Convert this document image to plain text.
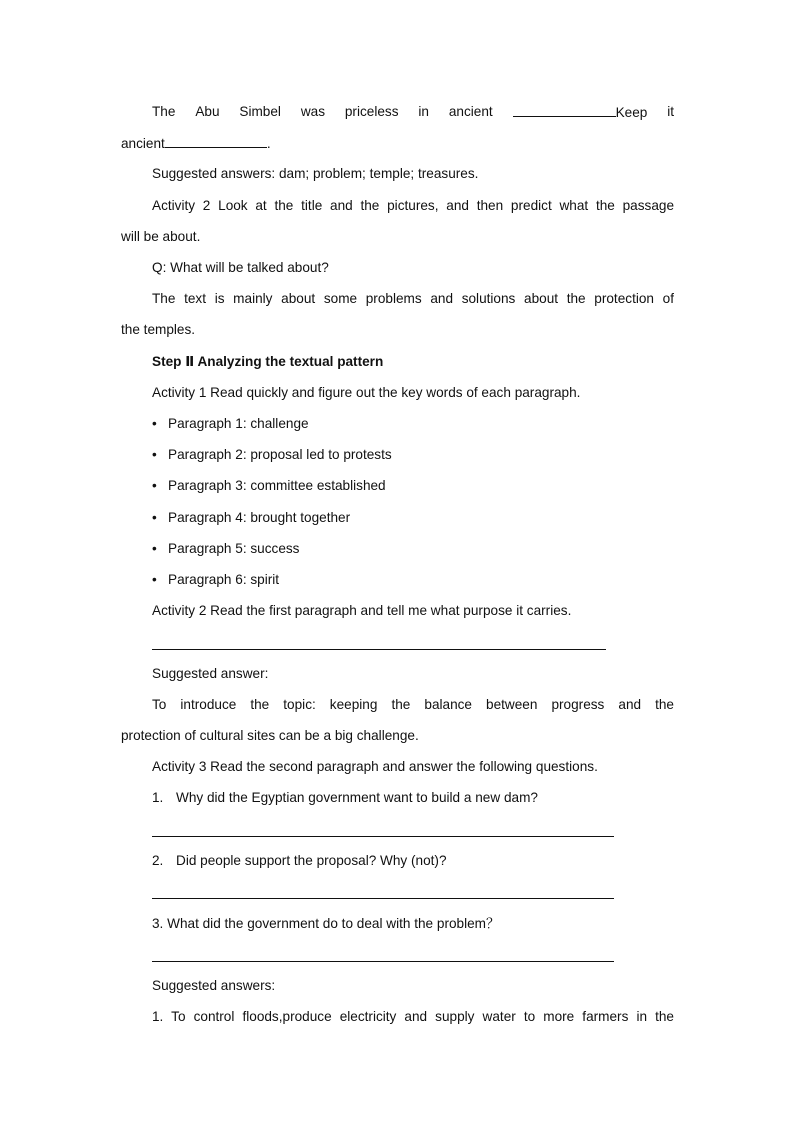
The Abu Simbel was priceless in ancient	Keep it
ancient	.
Suggested answers: dam; problem; temple; treasures.
Activity 2 Look at the title and the pictures, and then predict what the passage
will be about.
Q: What will be talked about?
The text is mainly about some problems and solutions about the protection of
the temples.
Step Ⅱ Analyzing the textual pattern
Activity 1 Read quickly and figure out the key words of each paragraph.
• Paragraph 1: challenge
• Paragraph 2: proposal led to protests
• Paragraph 3: committee established
• Paragraph 4: brought together
• Paragraph 5: success
• Paragraph 6: spirit
Activity 2 Read the first paragraph and tell me what purpose it carries.
Suggested answer:
To introduce the topic: keeping the balance between progress and the
protection of cultural sites can be a big challenge.
Activity 3 Read the second paragraph and answer the following questions.
1. Why did the Egyptian government want to build a new dam?
2. Did people support the proposal? Why (not)?
3. What did the government do to deal with the problem？
Suggested answers:
1. To control floods,produce electricity and supply water to more farmers in the
